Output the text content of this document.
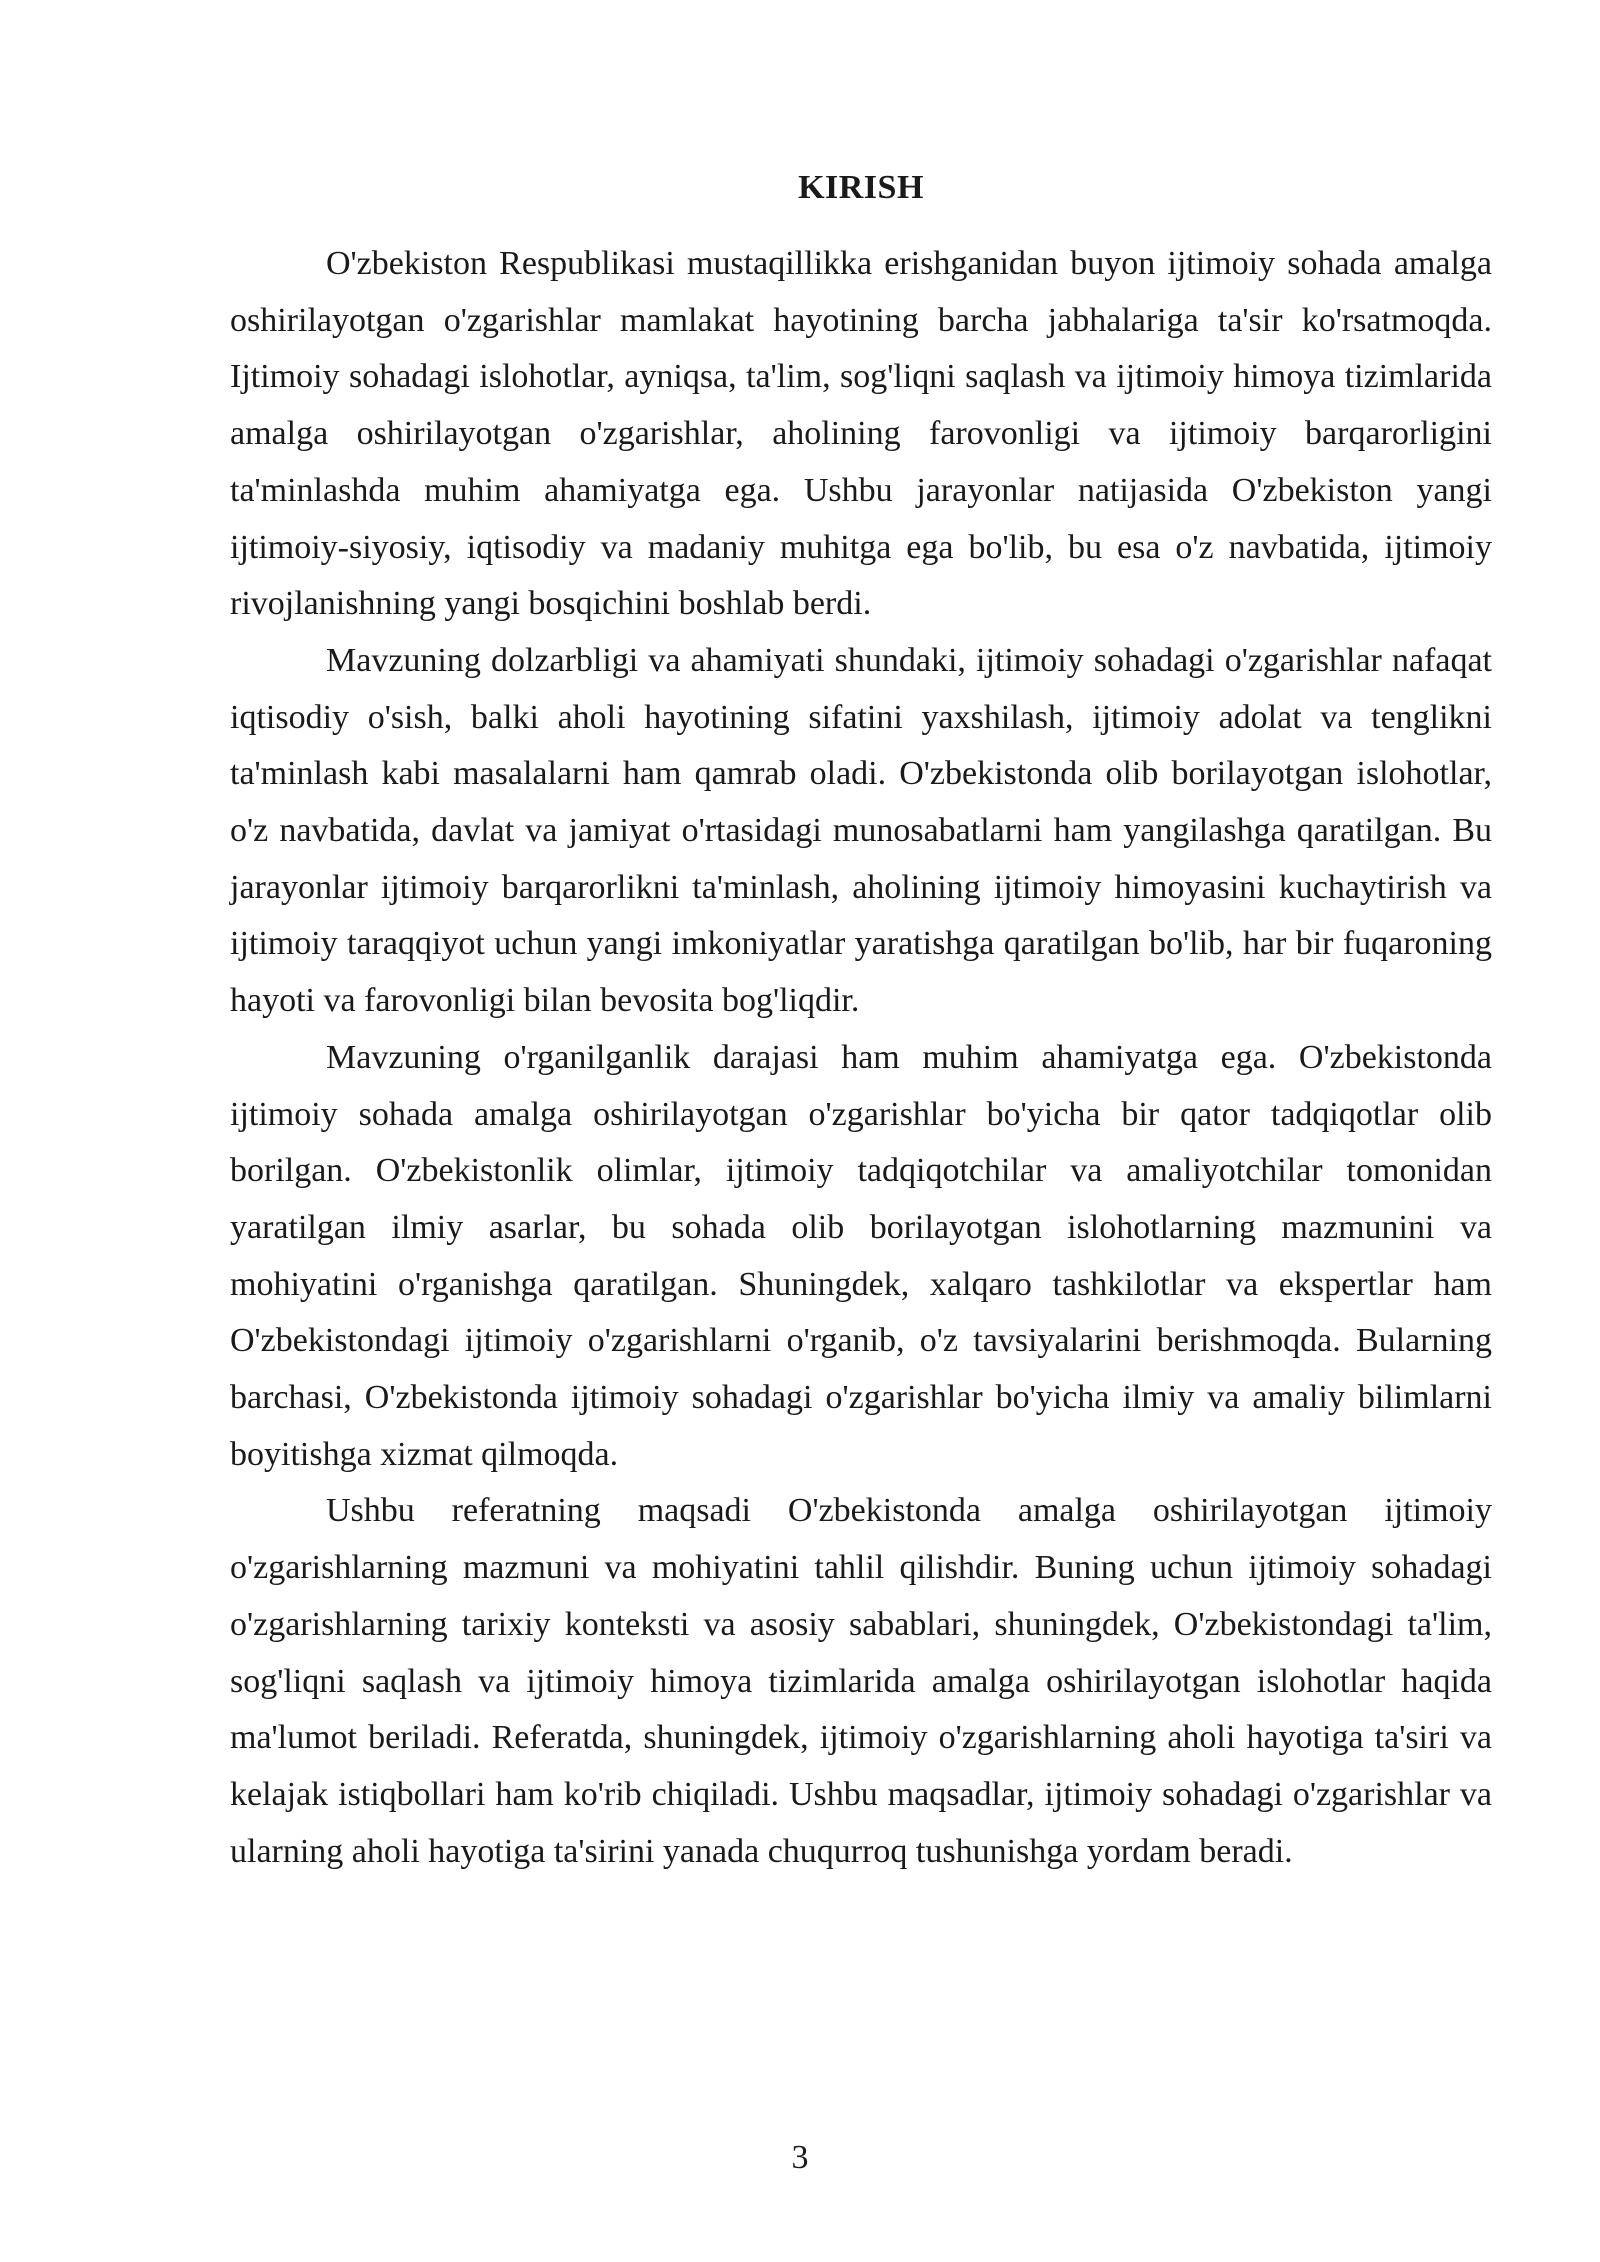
KIRISH

O'zbekiston Respublikasi mustaqillikka erishganidan buyon ijtimoiy sohada amalga oshirilayotgan o'zgarishlar mamlakat hayotining barcha jabhalariga ta'sir ko'rsatmoqda. Ijtimoiy sohadagi islohotlar, ayniqsa, ta'lim, sog'liqni saqlash va ijtimoiy himoya tizimlarida amalga oshirilayotgan o'zgarishlar, aholining farovonligi va ijtimoiy barqarorligini ta'minlashda muhim ahamiyatga ega. Ushbu jarayonlar natijasida O'zbekiston yangi ijtimoiy-siyosiy, iqtisodiy va madaniy muhitga ega bo'lib, bu esa o'z navbatida, ijtimoiy rivojlanishning yangi bosqichini boshlab berdi.

Mavzuning dolzarbligi va ahamiyati shundaki, ijtimoiy sohadagi o'zgarishlar nafaqat iqtisodiy o'sish, balki aholi hayotining sifatini yaxshilash, ijtimoiy adolat va tenglikni ta'minlash kabi masalalarni ham qamrab oladi. O'zbekistonda olib borilayotgan islohotlar, o'z navbatida, davlat va jamiyat o'rtasidagi munosabatlarni ham yangilashga qaratilgan. Bu jarayonlar ijtimoiy barqarorlikni ta'minlash, aholining ijtimoiy himoyasini kuchaytirish va ijtimoiy taraqqiyot uchun yangi imkoniyatlar yaratishga qaratilgan bo'lib, har bir fuqaroning hayoti va farovonligi bilan bevosita bog'liqdir.

Mavzuning o'rganilganlik darajasi ham muhim ahamiyatga ega. O'zbekistonda ijtimoiy sohada amalga oshirilayotgan o'zgarishlar bo'yicha bir qator tadqiqotlar olib borilgan. O'zbekistonlik olimlar, ijtimoiy tadqiqotchilar va amaliyotchilar tomonidan yaratilgan ilmiy asarlar, bu sohada olib borilayotgan islohotlarning mazmunini va mohiyatini o'rganishga qaratilgan. Shuningdek, xalqaro tashkilotlar va ekspertlar ham O'zbekistondagi ijtimoiy o'zgarishlarni o'rganib, o'z tavsiyalarini berishmoqda. Bularning barchasi, O'zbekistonda ijtimoiy sohadagi o'zgarishlar bo'yicha ilmiy va amaliy bilimlarni boyitishga xizmat qilmoqda.

Ushbu referatning maqsadi O'zbekistonda amalga oshirilayotgan ijtimoiy o'zgarishlarning mazmuni va mohiyatini tahlil qilishdir. Buning uchun ijtimoiy sohadagi o'zgarishlarning tarixiy konteksti va asosiy sabablari, shuningdek, O'zbekistondagi ta'lim, sog'liqni saqlash va ijtimoiy himoya tizimlarida amalga oshirilayotgan islohotlar haqida ma'lumot beriladi. Referatda, shuningdek, ijtimoiy o'zgarishlarning aholi hayotiga ta'siri va kelajak istiqbollari ham ko'rib chiqiladi. Ushbu maqsadlar, ijtimoiy sohadagi o'zgarishlar va ularning aholi hayotiga ta'sirini yanada chuqurroq tushunishga yordam beradi.

3
